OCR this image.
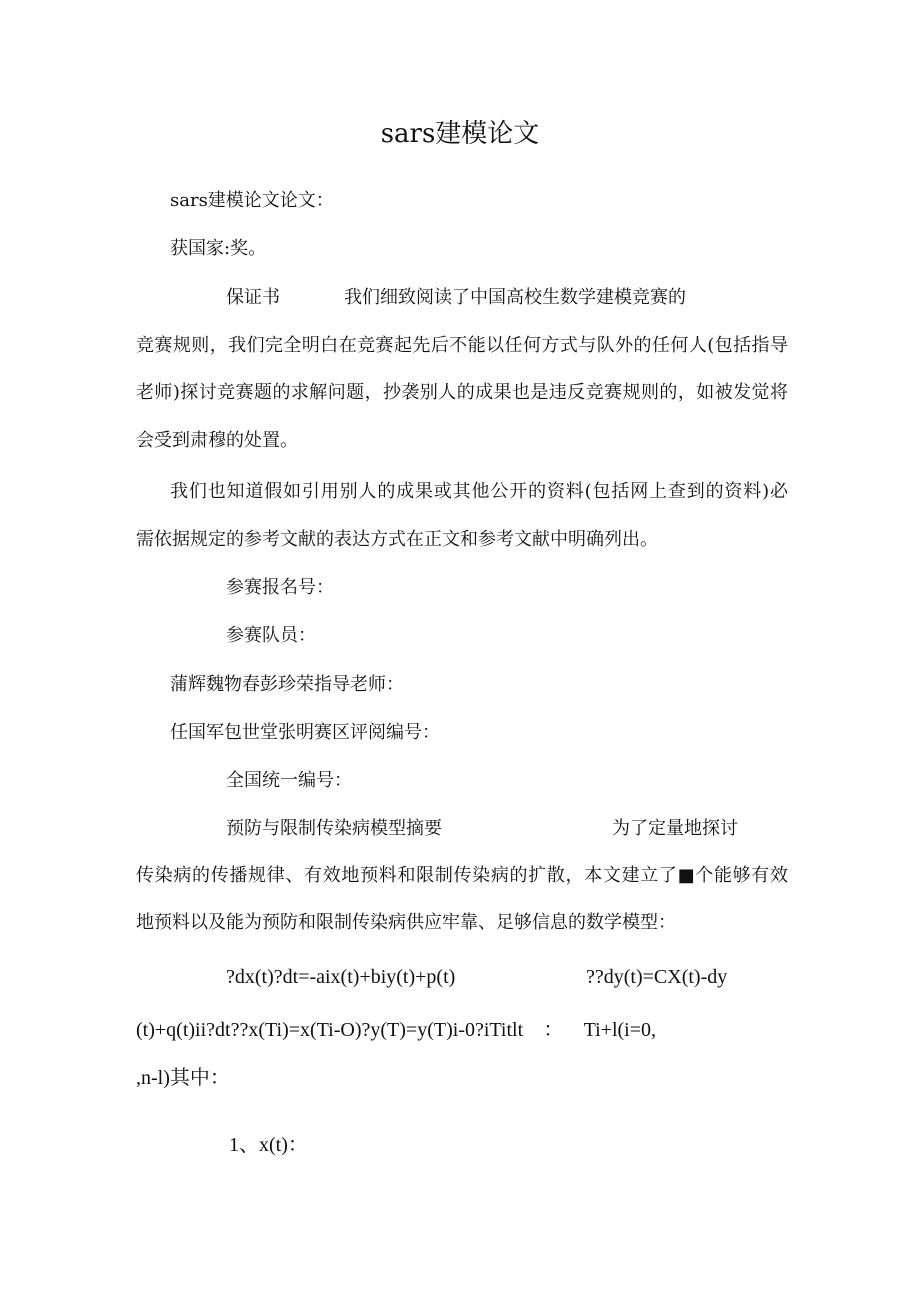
sars建模论文
sars建模论文论文：
获国家:奖。
保证书	我们细致阅读了中国高校生数学建模竞赛的
竞赛规则，我们完全明白在竞赛起先后不能以任何方式与队外的任何人(包括指导
老师)探讨竞赛题的求解问题，抄袭别人的成果也是违反竞赛规则的，如被发觉将
会受到肃穆的处置。
我们也知道假如引用别人的成果或其他公开的资料(包括网上查到的资料)必
需依据规定的参考文献的表达方式在正文和参考文献中明确列出。
参赛报名号：
参赛队员：
蒲辉魏物春彭珍荣指导老师：
任国军包世堂张明赛区评阅编号：
全国统一编号：
预防与限制传染病模型摘要	为了定量地探讨
传染病的传播规律、有效地预料和限制传染病的扩散，本文建立了■个能够有效
地预料以及能为预防和限制传染病供应牢靠、足够信息的数学模型：
?dx(t)?dt=-aix(t)+biy(t)+p(t)	??dy(t)=CX(t)-dy
(t)+q(t)ii?dt??x(Ti)=x(Ti-O)?y(T)=y(T)i-0?iTitlt：Ti+l(i=0,
,n-l)其中：
1、x(t)：
